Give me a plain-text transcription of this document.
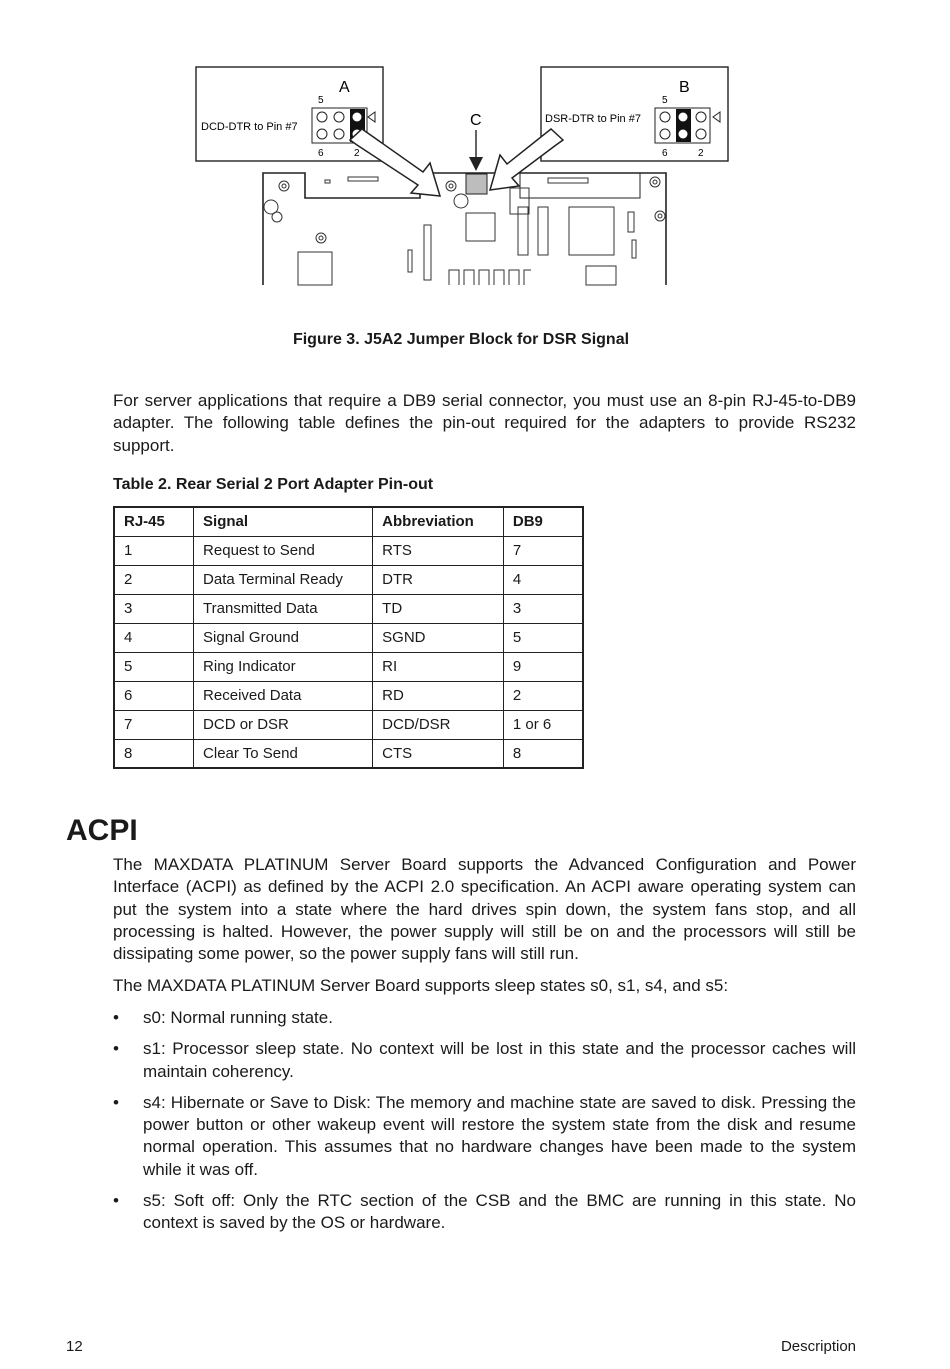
A
5
DCD-DTR to Pin #7
6	2
B
5
DSR-DTR to Pin #7
6	2
C
Figure 3. J5A2 Jumper Block for DSR Signal

For server applications that require a DB9 serial connector, you must use an 8-pin RJ-45-to-DB9 adapter. The following table defines the pin-out required for the adapters to provide RS232 support.

Table 2. Rear Serial 2 Port Adapter Pin-out
RJ-45	Signal	Abbreviation	DB9
1	Request to Send	RTS	7
2	Data Terminal Ready	DTR	4
3	Transmitted Data	TD	3
4	Signal Ground	SGND	5
5	Ring Indicator	RI	9
6	Received Data	RD	2
7	DCD or DSR	DCD/DSR	1 or 6
8	Clear To Send	CTS	8
ACPI

The MAXDATA PLATINUM Server Board supports the Advanced Configuration and Power Interface (ACPI) as defined by the ACPI 2.0 specification. An ACPI aware operating system can put the system into a state where the hard drives spin down, the system fans stop, and all processing is halted. However, the power supply will still be on and the processors will still be dissipating some power, so the power supply fans will still run.

The MAXDATA PLATINUM Server Board supports sleep states s0, s1, s4, and s5:

• s0: Normal running state.
• s1: Processor sleep state. No context will be lost in this state and the processor caches will maintain coherency.
• s4: Hibernate or Save to Disk: The memory and machine state are saved to disk. Pressing the power button or other wakeup event will restore the system state from the disk and resume normal operation. This assumes that no hardware changes have been made to the system while it was off.
• s5: Soft off: Only the RTC section of the CSB and the BMC are running in this state. No context is saved by the OS or hardware.
12	Description
